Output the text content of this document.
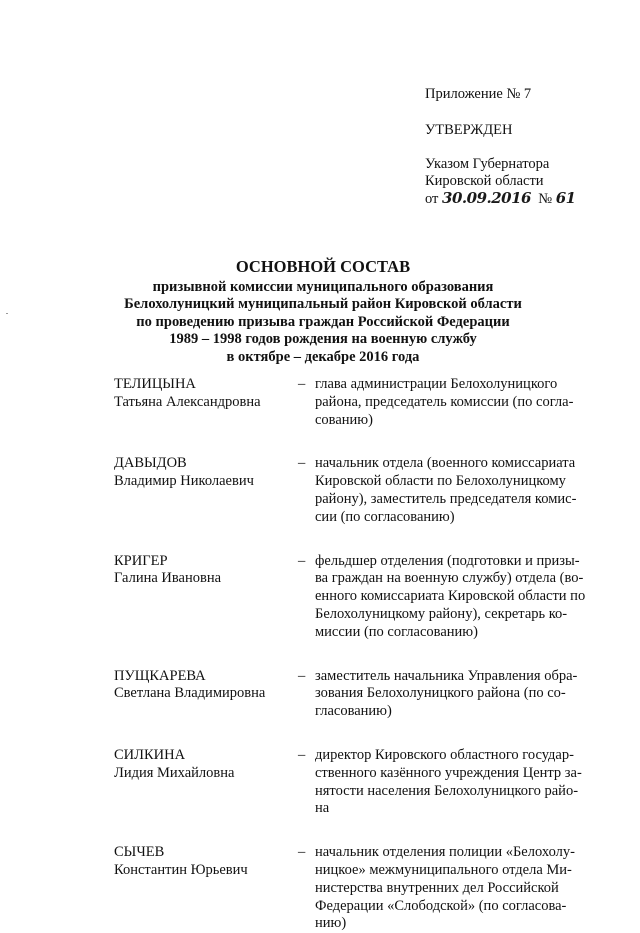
Приложение № 7
УТВЕРЖДЕН
Указом Губернатора
Кировской области
от 30.09.2016 № 61
ОСНОВНОЙ СОСТАВ
призывной комиссии муниципального образования
Белохолуницкий муниципальный район Кировской области
по проведению призыва граждан Российской Федерации
1989 – 1998 годов рождения на военную службу
в октябре – декабре 2016 года
ТЕЛИЦЫНА
Татьяна Александровна
– глава администрации Белохолуницкого
района, председатель комиссии (по согла-
сованию)
ДАВЫДОВ
Владимир Николаевич
– начальник отдела (военного комиссариата
Кировской области по Белохолуницкому
району), заместитель председателя комис-
сии (по согласованию)
КРИГЕР
Галина Ивановна
– фельдшер отделения (подготовки и призы-
ва граждан на военную службу) отдела (во-
енного комиссариата Кировской области по
Белохолуницкому району), секретарь ко-
миссии (по согласованию)
ПУЩКАРЕВА
Светлана Владимировна
– заместитель начальника Управления обра-
зования Белохолуницкого района (по со-
гласованию)
СИЛКИНА
Лидия Михайловна
– директор Кировского областного государ-
ственного казённого учреждения Центр за-
нятости населения Белохолуницкого райо-
на
СЫЧЕВ
Константин Юрьевич
– начальник отделения полиции «Белохолу-
ницкое» межмуниципального отдела Ми-
нистерства внутренних дел Российской
Федерации «Слободской» (по согласова-
нию)
